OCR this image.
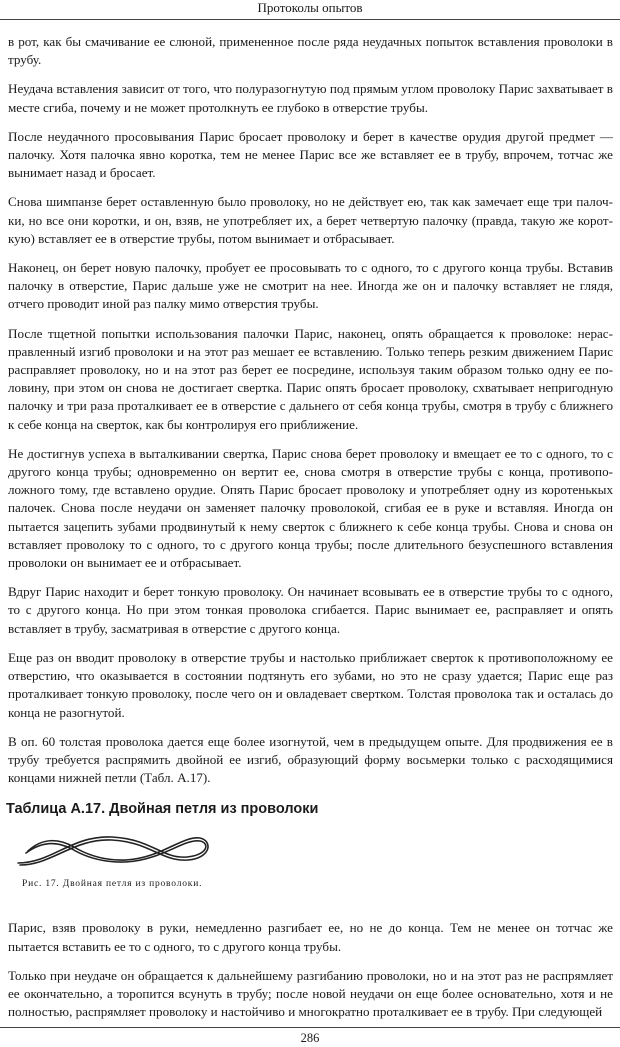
Протоколы опытов

в рот, как бы смачивание ее слюной, примененное после ряда неудачных попыток вставления проволоки в трубу.

Неудача вставления зависит от того, что полуразогнутую под прямым углом проволоку Парис захватывает в месте сгиба, почему и не может протолкнуть ее глубоко в отверстие трубы.

После неудачного просовывания Парис бросает проволоку и берет в качестве орудия другой предмет — палочку. Хотя палочка явно коротка, тем не менее Парис все же вставляет ее в трубу, впрочем, тотчас же вынимает назад и бросает.

Снова шимпанзе берет оставленную было проволоку, но не действует ею, так как замечает еще три палочки, но все они коротки, и он, взяв, не употребляет их, а берет четвертую палочку (правда, такую же короткую) вставляет ее в отверстие трубы, потом вынимает и отбрасывает.

Наконец, он берет новую палочку, пробует ее просовывать то с одного, то с другого конца трубы. Вставив палочку в отверстие, Парис дальше уже не смотрит на нее. Иногда же он и палочку вставляет не глядя, отчего проводит иной раз палку мимо отверстия трубы.

После тщетной попытки использования палочки Парис, наконец, опять обращается к проволоке: нерасправленный изгиб проволоки и на этот раз мешает ее вставлению. Только теперь резким движением Парис расправляет проволоку, но и на этот раз берет ее посредине, используя таким образом только одну ее половину, при этом он снова не достигает свертка. Парис опять бросает проволоку, схватывает непригодную палочку и три раза проталкивает ее в отверстие с дальнего от себя конца трубы, смотря в трубу с ближнего к себе конца на сверток, как бы контролируя его приближение.

Не достигнув успеха в выталкивании свертка, Парис снова берет проволоку и вмещает ее то с одного, то с другого конца трубы; одновременно он вертит ее, снова смотря в отверстие трубы с конца, противоположного тому, где вставлено орудие. Опять Парис бросает проволоку и употребляет одну из коротенькых палочек. Снова после неудачи он заменяет палочку проволокой, сгибая ее в руке и вставляя. Иногда он пытается зацепить зубами продвинутый к нему сверток с ближнего к себе конца трубы. Снова и снова он вставляет проволоку то с одного, то с другого конца трубы; после длительного безуспешного вставления проволоки он вынимает ее и отбрасывает.

Вдруг Парис находит и берет тонкую проволоку. Он начинает всовывать ее в отверстие трубы то с одного, то с другого конца. Но при этом тонкая проволока сгибается. Парис вынимает ее, расправляет и опять вставляет в трубу, засматривая в отверстие с другого конца.

Еще раз он вводит проволоку в отверстие трубы и настолько приближает сверток к противоположному ее отверстию, что оказывается в состоянии подтянуть его зубами, но это не сразу удается; Парис еще раз проталкивает тонкую проволоку, после чего он и овладевает свертком. Толстая проволока так и осталась до конца не разогнутой.

В оп. 60 толстая проволока дается еще более изогнутой, чем в предыдущем опыте. Для продвижения ее в трубу требуется распрямить двойной ее изгиб, образующий форму восьмерки только с расходящимися концами нижней петли (Табл. А.17).

Таблица А.17. Двойная петля из проволоки
Рис. 17. Двойная петля из проволоки.

Парис, взяв проволоку в руки, немедленно разгибает ее, но не до конца. Тем не менее он тотчас же пытается вставить ее то с одного, то с другого конца трубы.

Только при неудаче он обращается к дальнейшему разгибанию проволоки, но и на этот раз не распрямляет ее окончательно, а торопится всунуть в трубу; после новой неудачи он еще более основательно, хотя и не полностью, распрямляет проволоку и настойчиво и многократно проталкивает ее в трубу. При следующей

286
